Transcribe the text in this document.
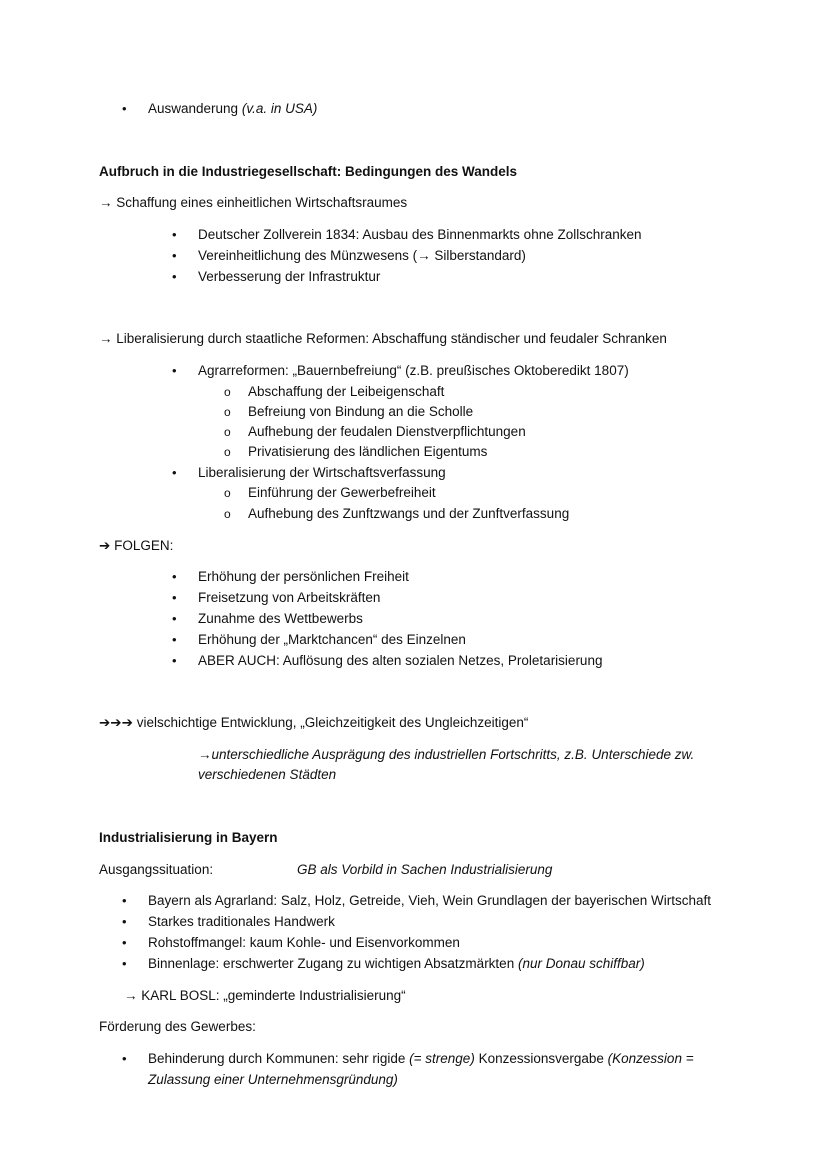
• Auswanderung (v.a. in USA)
Aufbruch in die Industriegesellschaft: Bedingungen des Wandels
→ Schaffung eines einheitlichen Wirtschaftsraumes
• Deutscher Zollverein 1834: Ausbau des Binnenmarkts ohne Zollschranken
• Vereinheitlichung des Münzwesens (→ Silberstandard)
• Verbesserung der Infrastruktur
→ Liberalisierung durch staatliche Reformen: Abschaffung ständischer und feudaler Schranken
• Agrarreformen: „Bauernbefreiung“ (z.B. preußisches Oktoberedikt 1807)
o Abschaffung der Leibeigenschaft
o Befreiung von Bindung an die Scholle
o Aufhebung der feudalen Dienstverpflichtungen
o Privatisierung des ländlichen Eigentums
• Liberalisierung der Wirtschaftsverfassung
o Einführung der Gewerbefreiheit
o Aufhebung des Zunftzwangs und der Zunftverfassung
➔ FOLGEN:
• Erhöhung der persönlichen Freiheit
• Freisetzung von Arbeitskräften
• Zunahme des Wettbewerbs
• Erhöhung der „Marktchancen“ des Einzelnen
• ABER AUCH: Auflösung des alten sozialen Netzes, Proletarisierung
➔➔➔ vielschichtige Entwicklung, „Gleichzeitigkeit des Ungleichzeitigen“
→unterschiedliche Ausprägung des industriellen Fortschritts, z.B. Unterschiede zw.
verschiedenen Städten
Industrialisierung in Bayern
Ausgangssituation:	GB als Vorbild in Sachen Industrialisierung
• Bayern als Agrarland: Salz, Holz, Getreide, Vieh, Wein Grundlagen der bayerischen Wirtschaft
• Starkes traditionales Handwerk
• Rohstoffmangel: kaum Kohle- und Eisenvorkommen
• Binnenlage: erschwerter Zugang zu wichtigen Absatzmärkten (nur Donau schiffbar)
→ KARL BOSL: „geminderte Industrialisierung“
Förderung des Gewerbes:
• Behinderung durch Kommunen: sehr rigide (= strenge) Konzessionsvergabe (Konzession =
Zulassung einer Unternehmensgründung)
